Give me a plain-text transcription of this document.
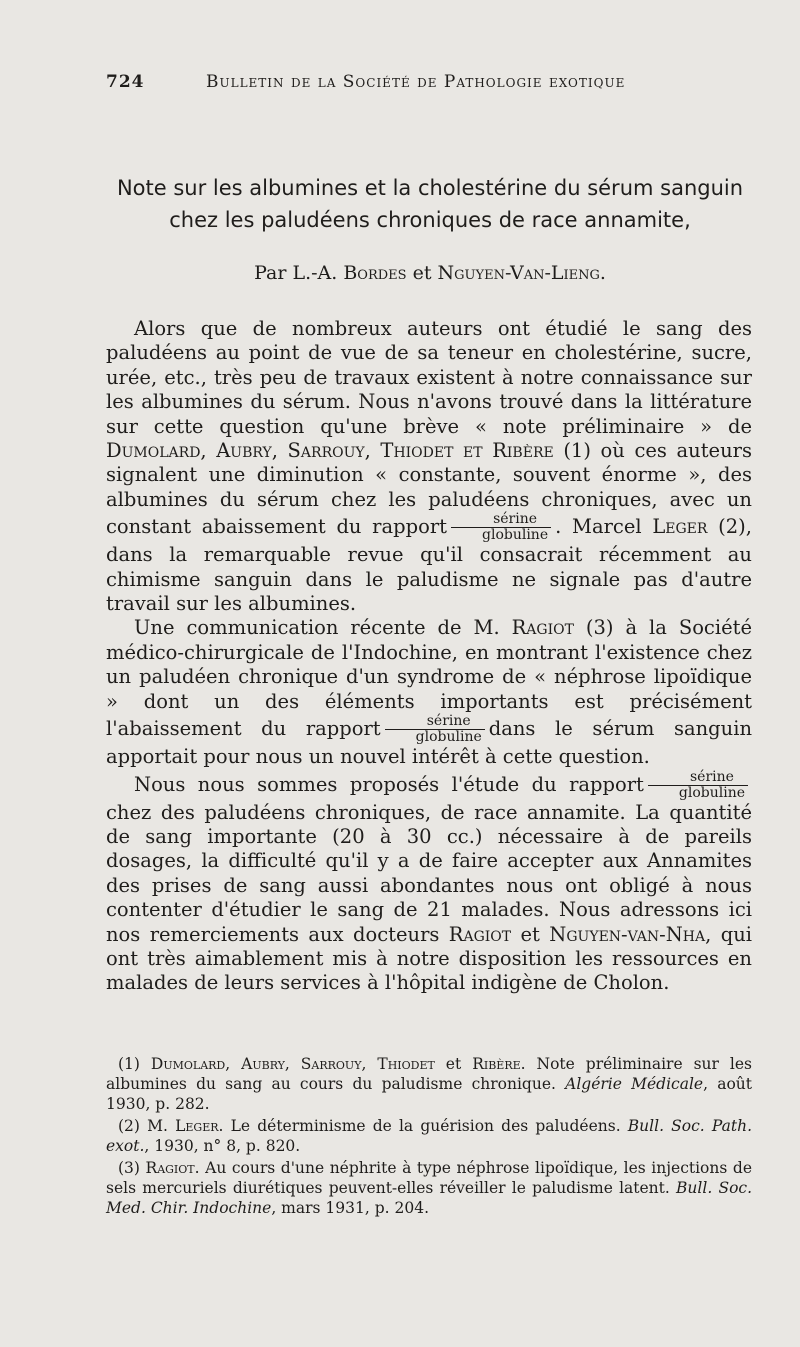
724	Bulletin de la Société de Pathologie exotique
Note sur les albumines et la cholestérine du sérum sanguin
chez les paludéens chroniques de race annamite,
Par L.-A. Bordes et Nguyen-Van-Lieng.

Alors que de nombreux auteurs ont étudié le sang des paludéens au point de vue de sa teneur en cholestérine, sucre, urée, etc., très peu de travaux existent à notre connaissance sur les albumines du sérum. Nous n'avons trouvé dans la littérature sur cette question qu'une brève « note préliminaire » de Dumolard, Aubry, Sarrouy, Thiodet et Ribère (1) où ces auteurs signalent une diminution « constante, souvent énorme », des albumines du sérum chez les paludéens chroniques, avec un constant abaissement du rapport $\frac{\text{sérine}}{\text{globuline}}$ . Marcel Leger (2), dans la remarquable revue qu'il consacrait récemment au chimisme sanguin dans le paludisme ne signale pas d'autre travail sur les albumines.

Une communication récente de M. Ragiot (3) à la Société médico-chirurgicale de l'Indochine, en montrant l'existence chez un paludéen chronique d'un syndrome de « néphrose lipoïdique » dont un des éléments importants est précisément l'abaissement du rapport $\frac{\text{sérine}}{\text{globuline}}$ dans le sérum sanguin apportait pour nous un nouvel intérêt à cette question.

Nous nous sommes proposés l'étude du rapport $\frac{\text{sérine}}{\text{globuline}}$
chez des paludéens chroniques, de race annamite. La quantité de sang importante (20 à 30 cc.) nécessaire à de pareils dosages, la difficulté qu'il y a de faire accepter aux Annamites des prises de sang aussi abondantes nous ont obligé à nous contenter d'étudier le sang de 21 malades. Nous adressons ici nos remerciements aux docteurs Ragiot et Nguyen-van-Nha, qui ont très aimablement mis à notre disposition les ressources en malades de leurs services à l'hôpital indigène de Cholon.

(1) Dumolard, Aubry, Sarrouy, Thiodet et Ribère. Note préliminaire sur les albumines du sang au cours du paludisme chronique. Algérie Médicale, août 1930, p. 282.

(2) M. Leger. Le déterminisme de la guérision des paludéens. Bull. Soc. Path. exot., 1930, n° 8, p. 820.

(3) Ragiot. Au cours d'une néphrite à type néphrose lipoïdique, les injections de sels mercuriels diurétiques peuvent-elles réveiller le paludisme latent. Bull. Soc. Med. Chir. Indochine, mars 1931, p. 204.
